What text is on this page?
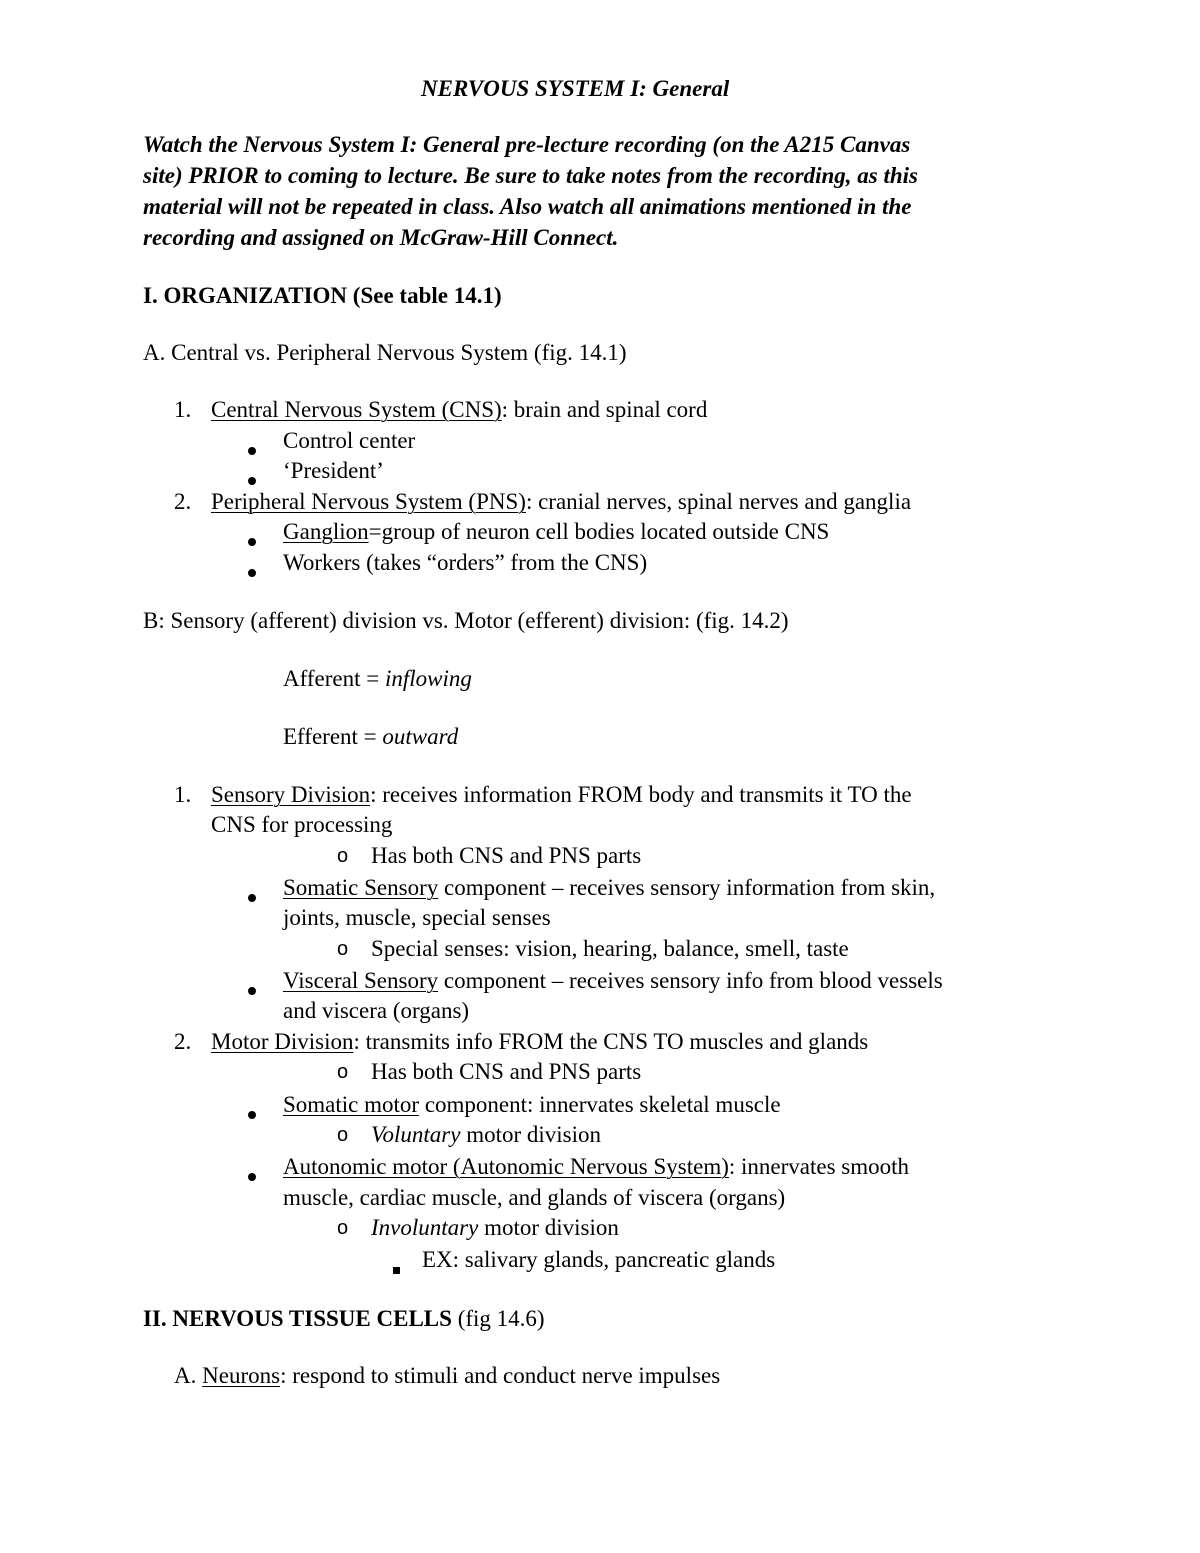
NERVOUS SYSTEM I: General
Watch the Nervous System I: General pre-lecture recording (on the A215 Canvas
site) PRIOR to coming to lecture. Be sure to take notes from the recording, as this
material will not be repeated in class. Also watch all animations mentioned in the
recording and assigned on McGraw-Hill Connect.
I. ORGANIZATION (See table 14.1)
A. Central vs. Peripheral Nervous System (fig. 14.1)
1. Central Nervous System (CNS): brain and spinal cord
Control center
‘President’
2. Peripheral Nervous System (PNS): cranial nerves, spinal nerves and ganglia
Ganglion=group of neuron cell bodies located outside CNS
Workers (takes “orders” from the CNS)
B: Sensory (afferent) division vs. Motor (efferent) division: (fig. 14.2)
Afferent = inflowing
Efferent = outward
1. Sensory Division: receives information FROM body and transmits it TO the
CNS for processing
o Has both CNS and PNS parts
Somatic Sensory component – receives sensory information from skin,
joints, muscle, special senses
o Special senses: vision, hearing, balance, smell, taste
Visceral Sensory component – receives sensory info from blood vessels
and viscera (organs)
2. Motor Division: transmits info FROM the CNS TO muscles and glands
o Has both CNS and PNS parts
Somatic motor component: innervates skeletal muscle
o Voluntary motor division
Autonomic motor (Autonomic Nervous System): innervates smooth
muscle, cardiac muscle, and glands of viscera (organs)
o Involuntary motor division
EX: salivary glands, pancreatic glands
II. NERVOUS TISSUE CELLS (fig 14.6)
A. Neurons: respond to stimuli and conduct nerve impulses
